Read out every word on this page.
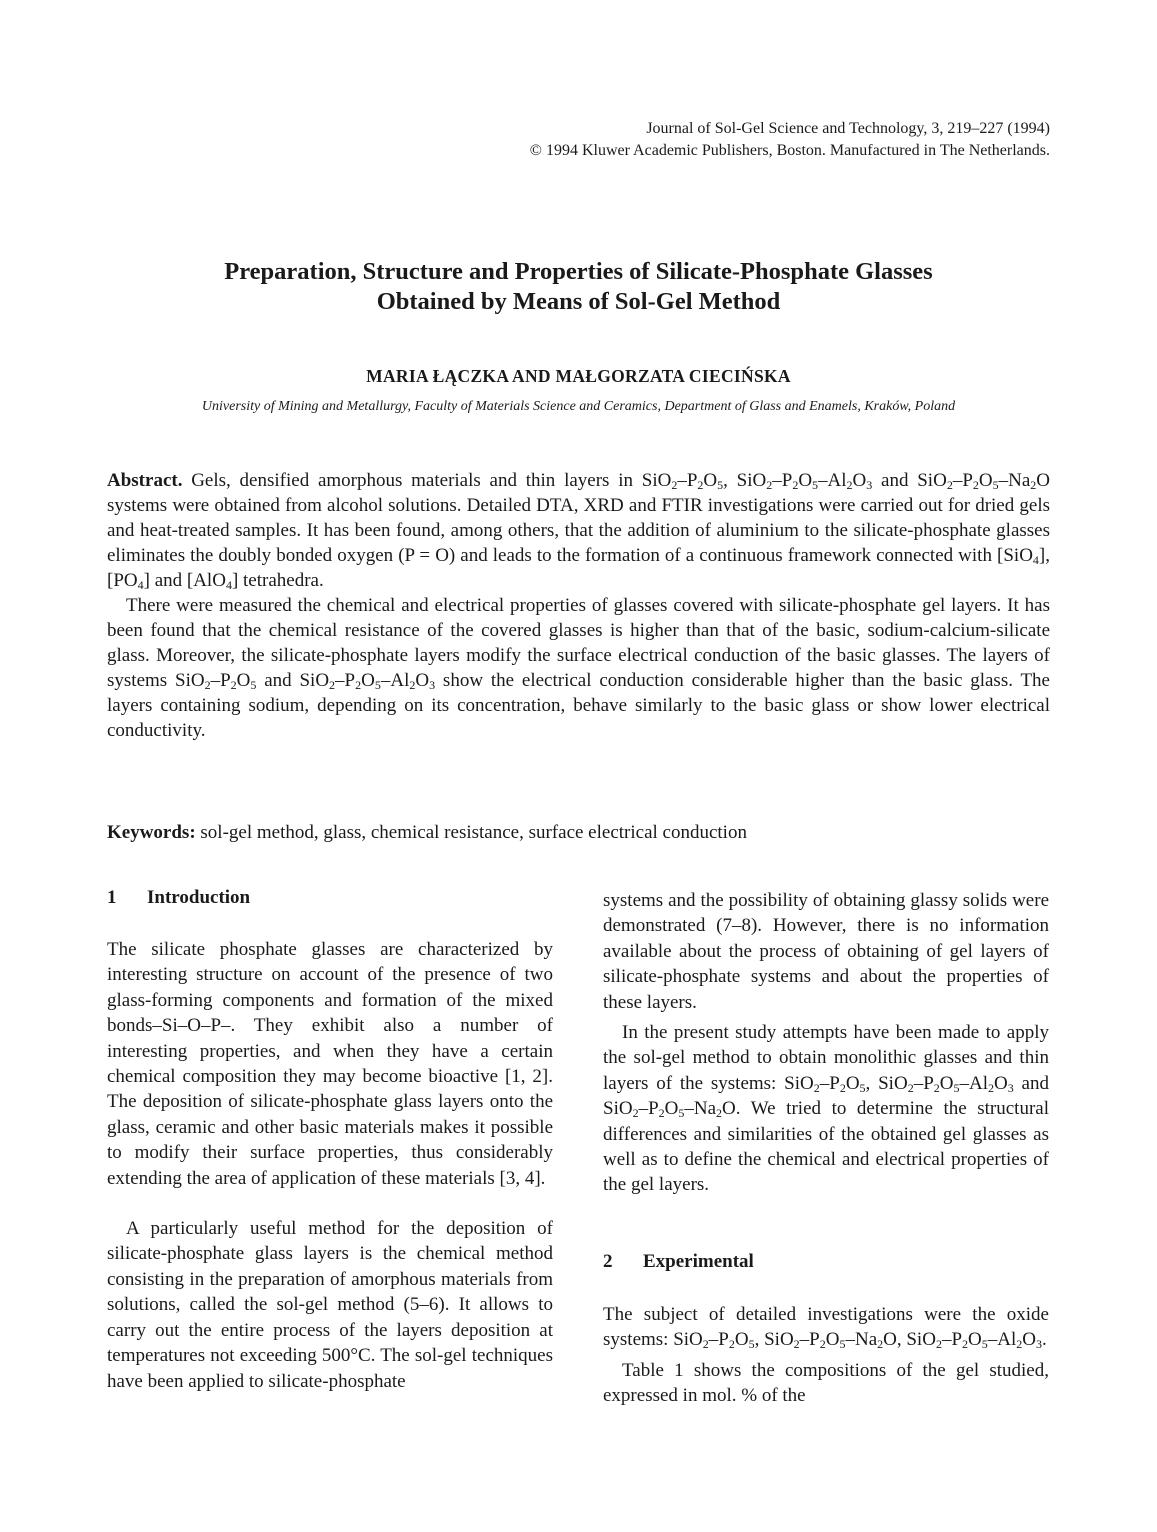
Journal of Sol-Gel Science and Technology, 3, 219–227 (1994)
© 1994 Kluwer Academic Publishers, Boston. Manufactured in The Netherlands.
Preparation, Structure and Properties of Silicate-Phosphate Glasses
Obtained by Means of Sol-Gel Method
MARIA ŁĄCZKA AND MAŁGORZATA CIECIŃSKA
University of Mining and Metallurgy, Faculty of Materials Science and Ceramics, Department of Glass and Enamels, Kraków, Poland

Abstract. Gels, densified amorphous materials and thin layers in $SiO_2-P_2O_5$, $SiO_2-P_2O_5-Al_2O_3$ and $SiO_2-P_2O_5-Na_2O$ systems were obtained from alcohol solutions. Detailed DTA, XRD and FTIR investigations were carried out for dried gels and heat-treated samples. It has been found, among others, that the addition of aluminium to the silicate-phosphate glasses eliminates the doubly bonded oxygen (P = O) and leads to the formation of a continuous framework connected with [SiO$_4$], $[PO_4]$ and [AlO$_4$] tetrahedra.

There were measured the chemical and electrical properties of glasses covered with silicate-phosphate gel layers. It has been found that the chemical resistance of the covered glasses is higher than that of the basic, sodium-calcium-silicate glass. Moreover, the silicate-phosphate layers modify the surface electrical conduction of the basic glasses. The layers of systems $SiO_2-P_2O_5$ and $SiO_2-P_2O_5-Al_2O_3$ show the electrical conduction considerable higher than the basic glass. The layers containing sodium, depending on its concentration, behave similarly to the basic glass or show lower electrical conductivity.

Keywords: sol-gel method, glass, chemical resistance, surface electrical conduction
1 Introduction

The silicate phosphate glasses are characterized by interesting structure on account of the presence of two glass-forming components and formation of the mixed bonds–Si–O–P–. They exhibit also a number of interesting properties, and when they have a certain chemical composition they may become bioactive [1, 2]. The deposition of silicate-phosphate glass layers onto the glass, ceramic and other basic materials makes it possible to modify their surface properties, thus considerably extending the area of application of these materials [3, 4].

A particularly useful method for the deposition of silicate-phosphate glass layers is the chemical method consisting in the preparation of amorphous materials from solutions, called the sol-gel method (5–6). It allows to carry out the entire process of the layers deposition at temperatures not exceeding 500°C. The sol-gel techniques have been applied to silicate-phosphate

systems and the possibility of obtaining glassy solids were demonstrated (7–8). However, there is no information available about the process of obtaining of gel layers of silicate-phosphate systems and about the properties of these layers.

In the present study attempts have been made to apply the sol-gel method to obtain monolithic glasses and thin layers of the systems: $SiO_2-P_2O_5$, $SiO_2-P_2O_5-Al_2O_3$ and $SiO_2-P_2O_5-Na_2O$. We tried to determine the structural differences and similarities of the obtained gel glasses as well as to define the chemical and electrical properties of the gel layers.

2 Experimental

The subject of detailed investigations were the oxide systems: $SiO_2-P_2O_5$, $SiO_2-P_2O_5-Na_2O$, $SiO_2-P_2O_5-Al_2O_3$.

Table 1 shows the compositions of the gel studied, expressed in mol. % of the
